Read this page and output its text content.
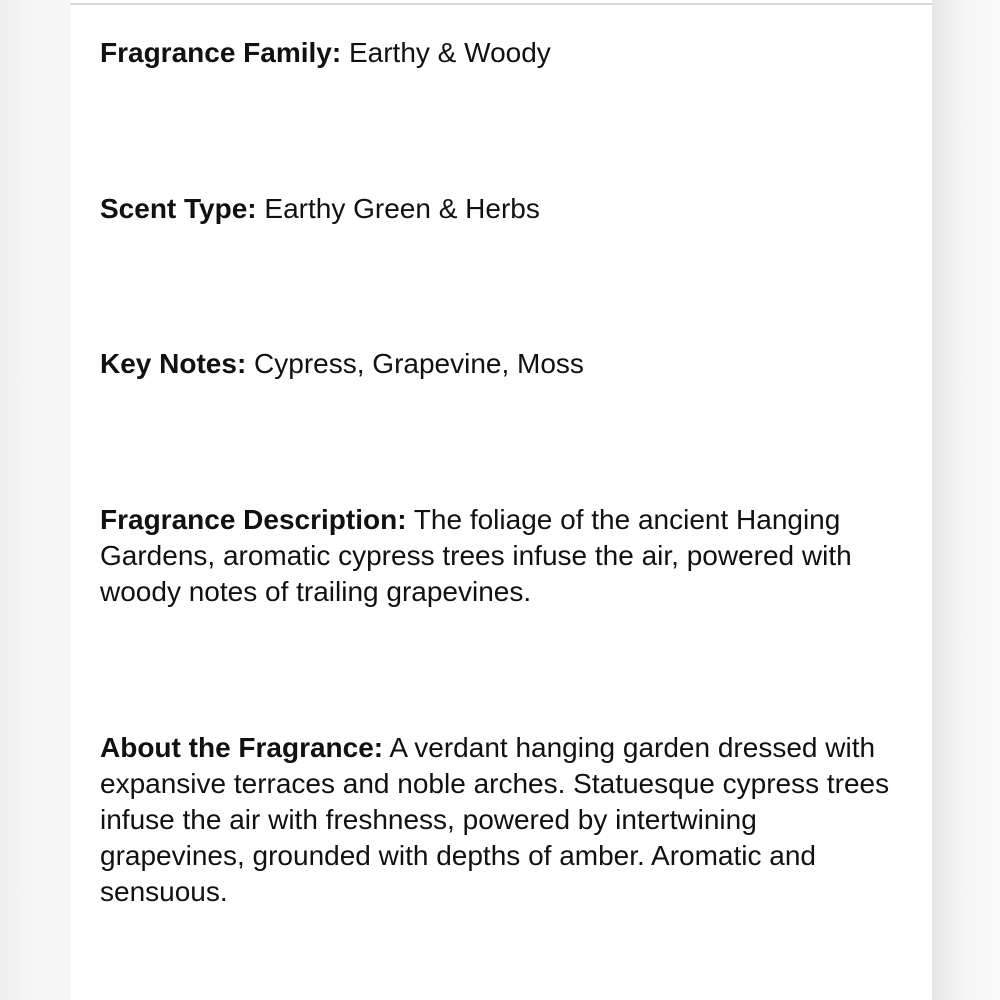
Fragrance Family: Earthy & Woody

Scent Type: Earthy Green & Herbs

Key Notes: Cypress, Grapevine, Moss

Fragrance Description: The foliage of the ancient Hanging Gardens, aromatic cypress trees infuse the air, powered with woody notes of trailing grapevines.

About the Fragrance: A verdant hanging garden dressed with expansive terraces and noble arches. Statuesque cypress trees infuse the air with freshness, powered by intertwining grapevines, grounded with depths of amber. Aromatic and sensuous.
